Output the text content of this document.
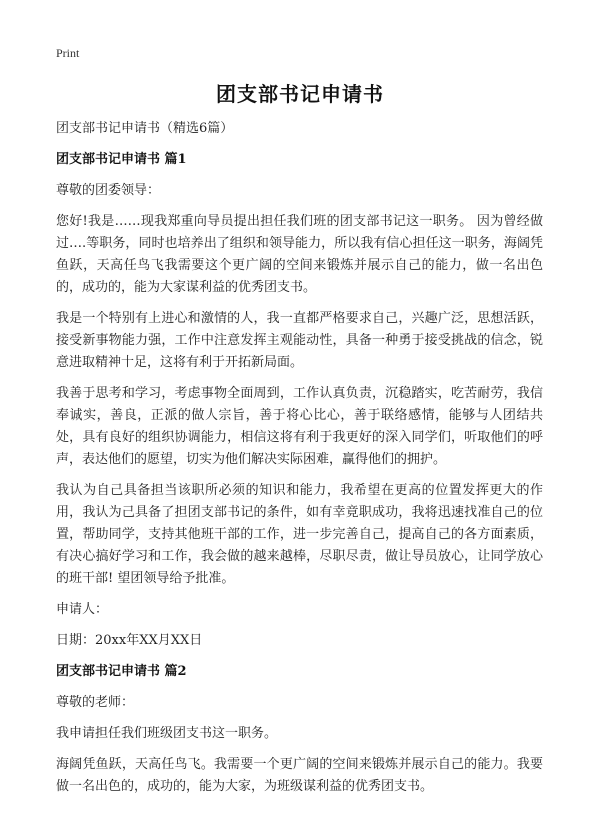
Print
团支部书记申请书

团支部书记申请书（精选6篇）

团支部书记申请书 篇1

尊敬的团委领导：

您好!我是……现我郑重向导员提出担任我们班的团支部书记这一职务。 因为曾经做过….等职务，同时也培养出了组织和领导能力，所以我有信心担任这一职务，海阔凭鱼跃，天高任鸟飞我需要这个更广阔的空间来锻炼并展示自己的能力，做一名出色的，成功的，能为大家谋利益的优秀团支书。

我是一个特别有上进心和激情的人，我一直都严格要求自己，兴趣广泛，思想活跃，接受新事物能力强，工作中注意发挥主观能动性，具备一种勇于接受挑战的信念，锐意进取精神十足，这将有利于开拓新局面。

我善于思考和学习，考虑事物全面周到，工作认真负责，沉稳踏实，吃苦耐劳，我信奉诚实，善良，正派的做人宗旨，善于将心比心，善于联络感情，能够与人团结共处，具有良好的组织协调能力，相信这将有利于我更好的深入同学们，听取他们的呼声，表达他们的愿望，切实为他们解决实际困难，赢得他们的拥护。

我认为自己具备担当该职所必须的知识和能力，我希望在更高的位置发挥更大的作用，我认为己具备了担团支部书记的条件，如有幸竟职成功，我将迅速找准自己的位置，帮助同学，支持其他班干部的工作，进一步完善自己，提高自己的各方面素质，有决心搞好学习和工作，我会做的越来越棒，尽职尽责，做让导员放心，让同学放心的班干部! 望团领导给予批准。

申请人：

日期：20xx年XX月XX日

团支部书记申请书 篇2

尊敬的老师：

我申请担任我们班级团支书这一职务。

海阔凭鱼跃，天高任鸟飞。我需要一个更广阔的空间来锻炼并展示自己的能力。我要做一名出色的，成功的，能为大家，为班级谋利益的优秀团支书。
